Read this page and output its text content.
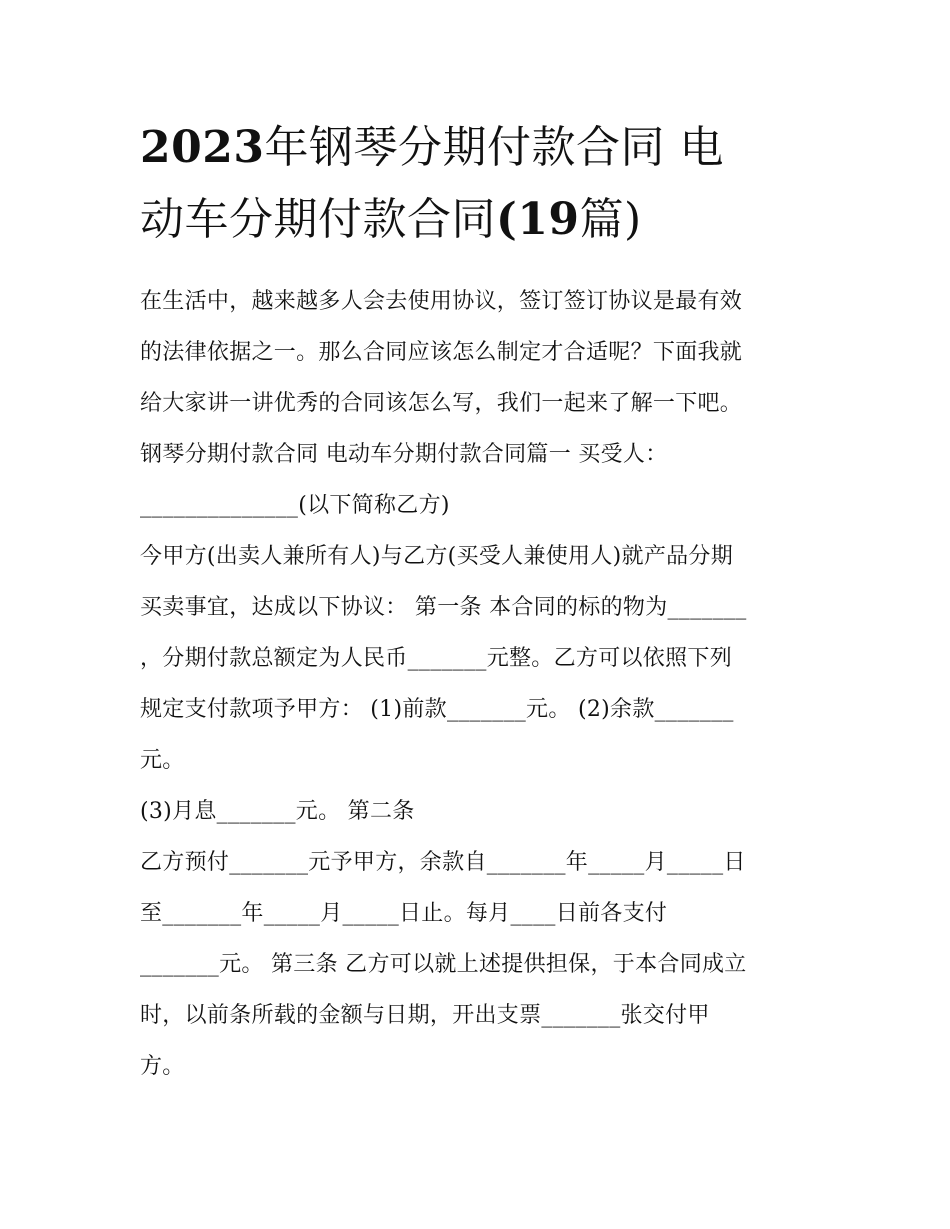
2023年钢琴分期付款合同 电
动车分期付款合同(19篇)
在生活中，越来越多人会去使用协议，签订签订协议是最有效
的法律依据之一。那么合同应该怎么制定才合适呢？下面我就
给大家讲一讲优秀的合同该怎么写，我们一起来了解一下吧。
钢琴分期付款合同 电动车分期付款合同篇一 买受人：
______________(以下简称乙方)
今甲方(出卖人兼所有人)与乙方(买受人兼使用人)就产品分期
买卖事宜，达成以下协议： 第一条 本合同的标的物为_______
，分期付款总额定为人民币_______元整。乙方可以依照下列
规定支付款项予甲方： (1)前款_______元。 (2)余款_______
元。
(3)月息_______元。 第二条
乙方预付_______元予甲方，余款自_______年_____月_____日
至_______年_____月_____日止。每月____日前各支付
_______元。 第三条 乙方可以就上述提供担保，于本合同成立
时，以前条所载的金额与日期，开出支票_______张交付甲
方。
